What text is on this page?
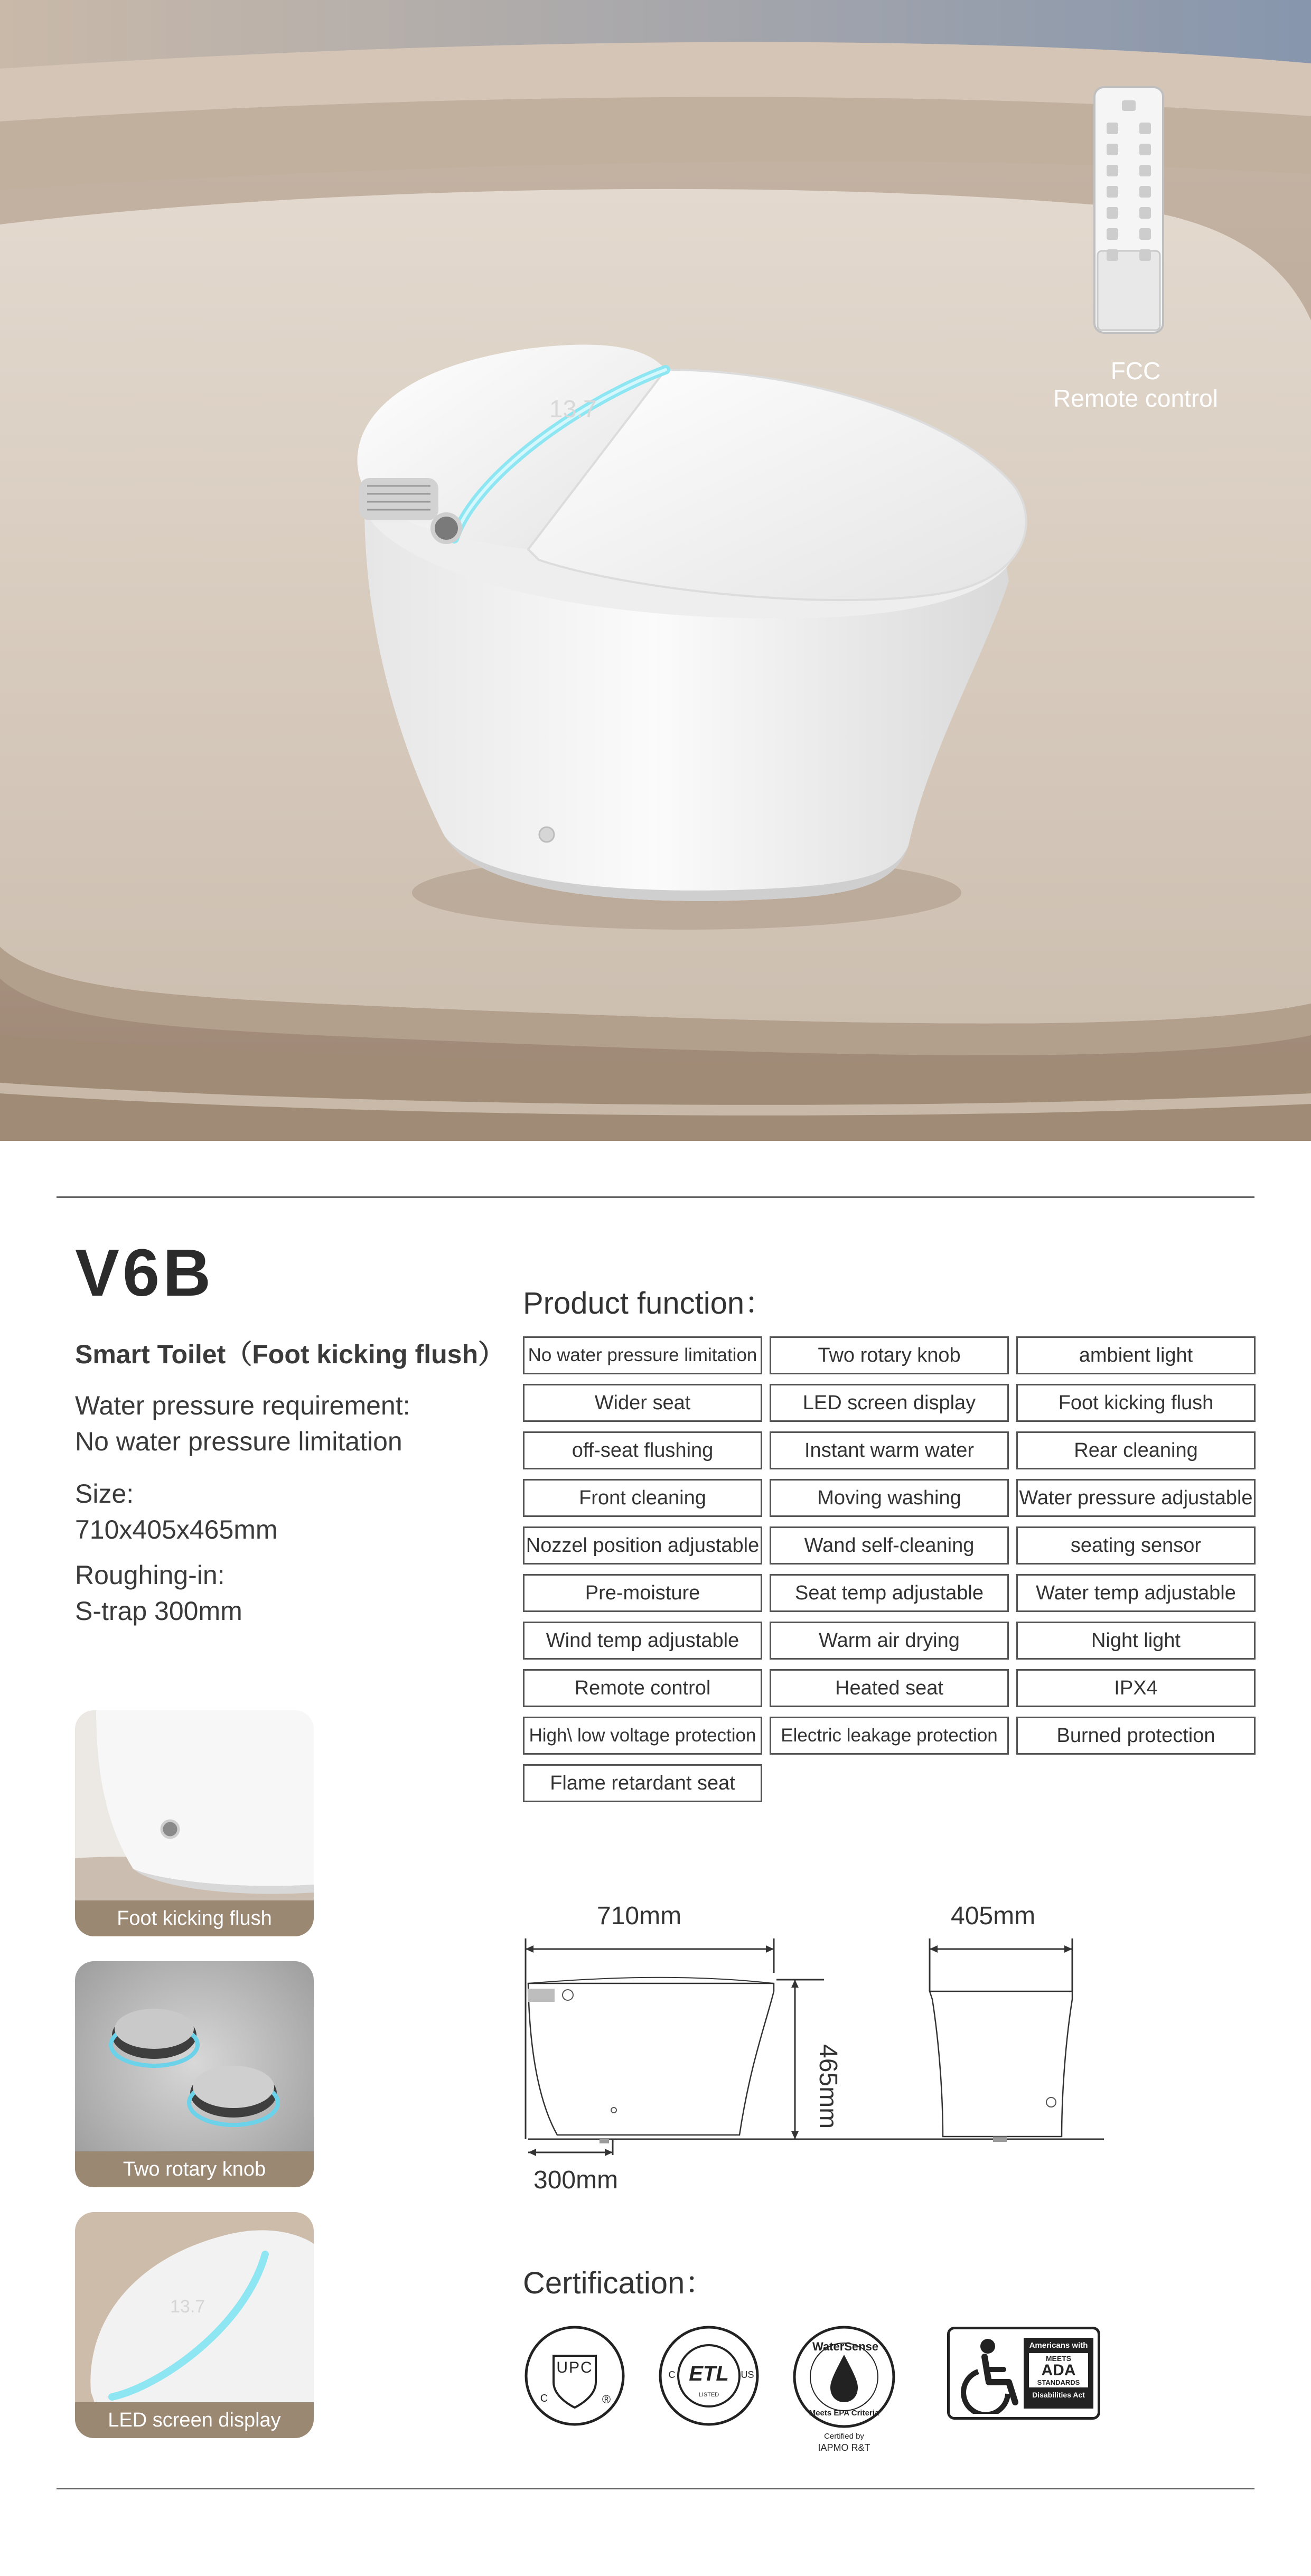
13.7
FCC
Remote control
V6B
Smart Toilet（Foot kicking flush）
Water pressure requirement:
No water pressure limitation
Size:
710x405x465mm
Roughing-in:
S-trap 300mm
Foot kicking flush
Two rotary knob
13.7
LED screen display
Product function：
No water pressure limitation	Two rotary knob	ambient light
Wider seat	LED screen display	Foot kicking flush
off-seat flushing	Instant warm water	Rear cleaning
Front cleaning	Moving washing	Water pressure adjustable
Nozzel position adjustable	Wand self-cleaning	seating sensor
Pre-moisture	Seat temp adjustable	Water temp adjustable
Wind temp adjustable	Warm air drying	Night light
Remote control	Heated seat	IPX4
High\ low voltage protection	Electric leakage protection	Burned protection
Flame retardant seat
710mm	405mm
465mm
300mm
Certification：
UPC
C	®
ETL
C	US
LISTED
WaterSense
Meets EPA Criteria
Certified by
IAPMO R&T
Americans with
MEETS
ADA
STANDARDS
Disabilities Act
